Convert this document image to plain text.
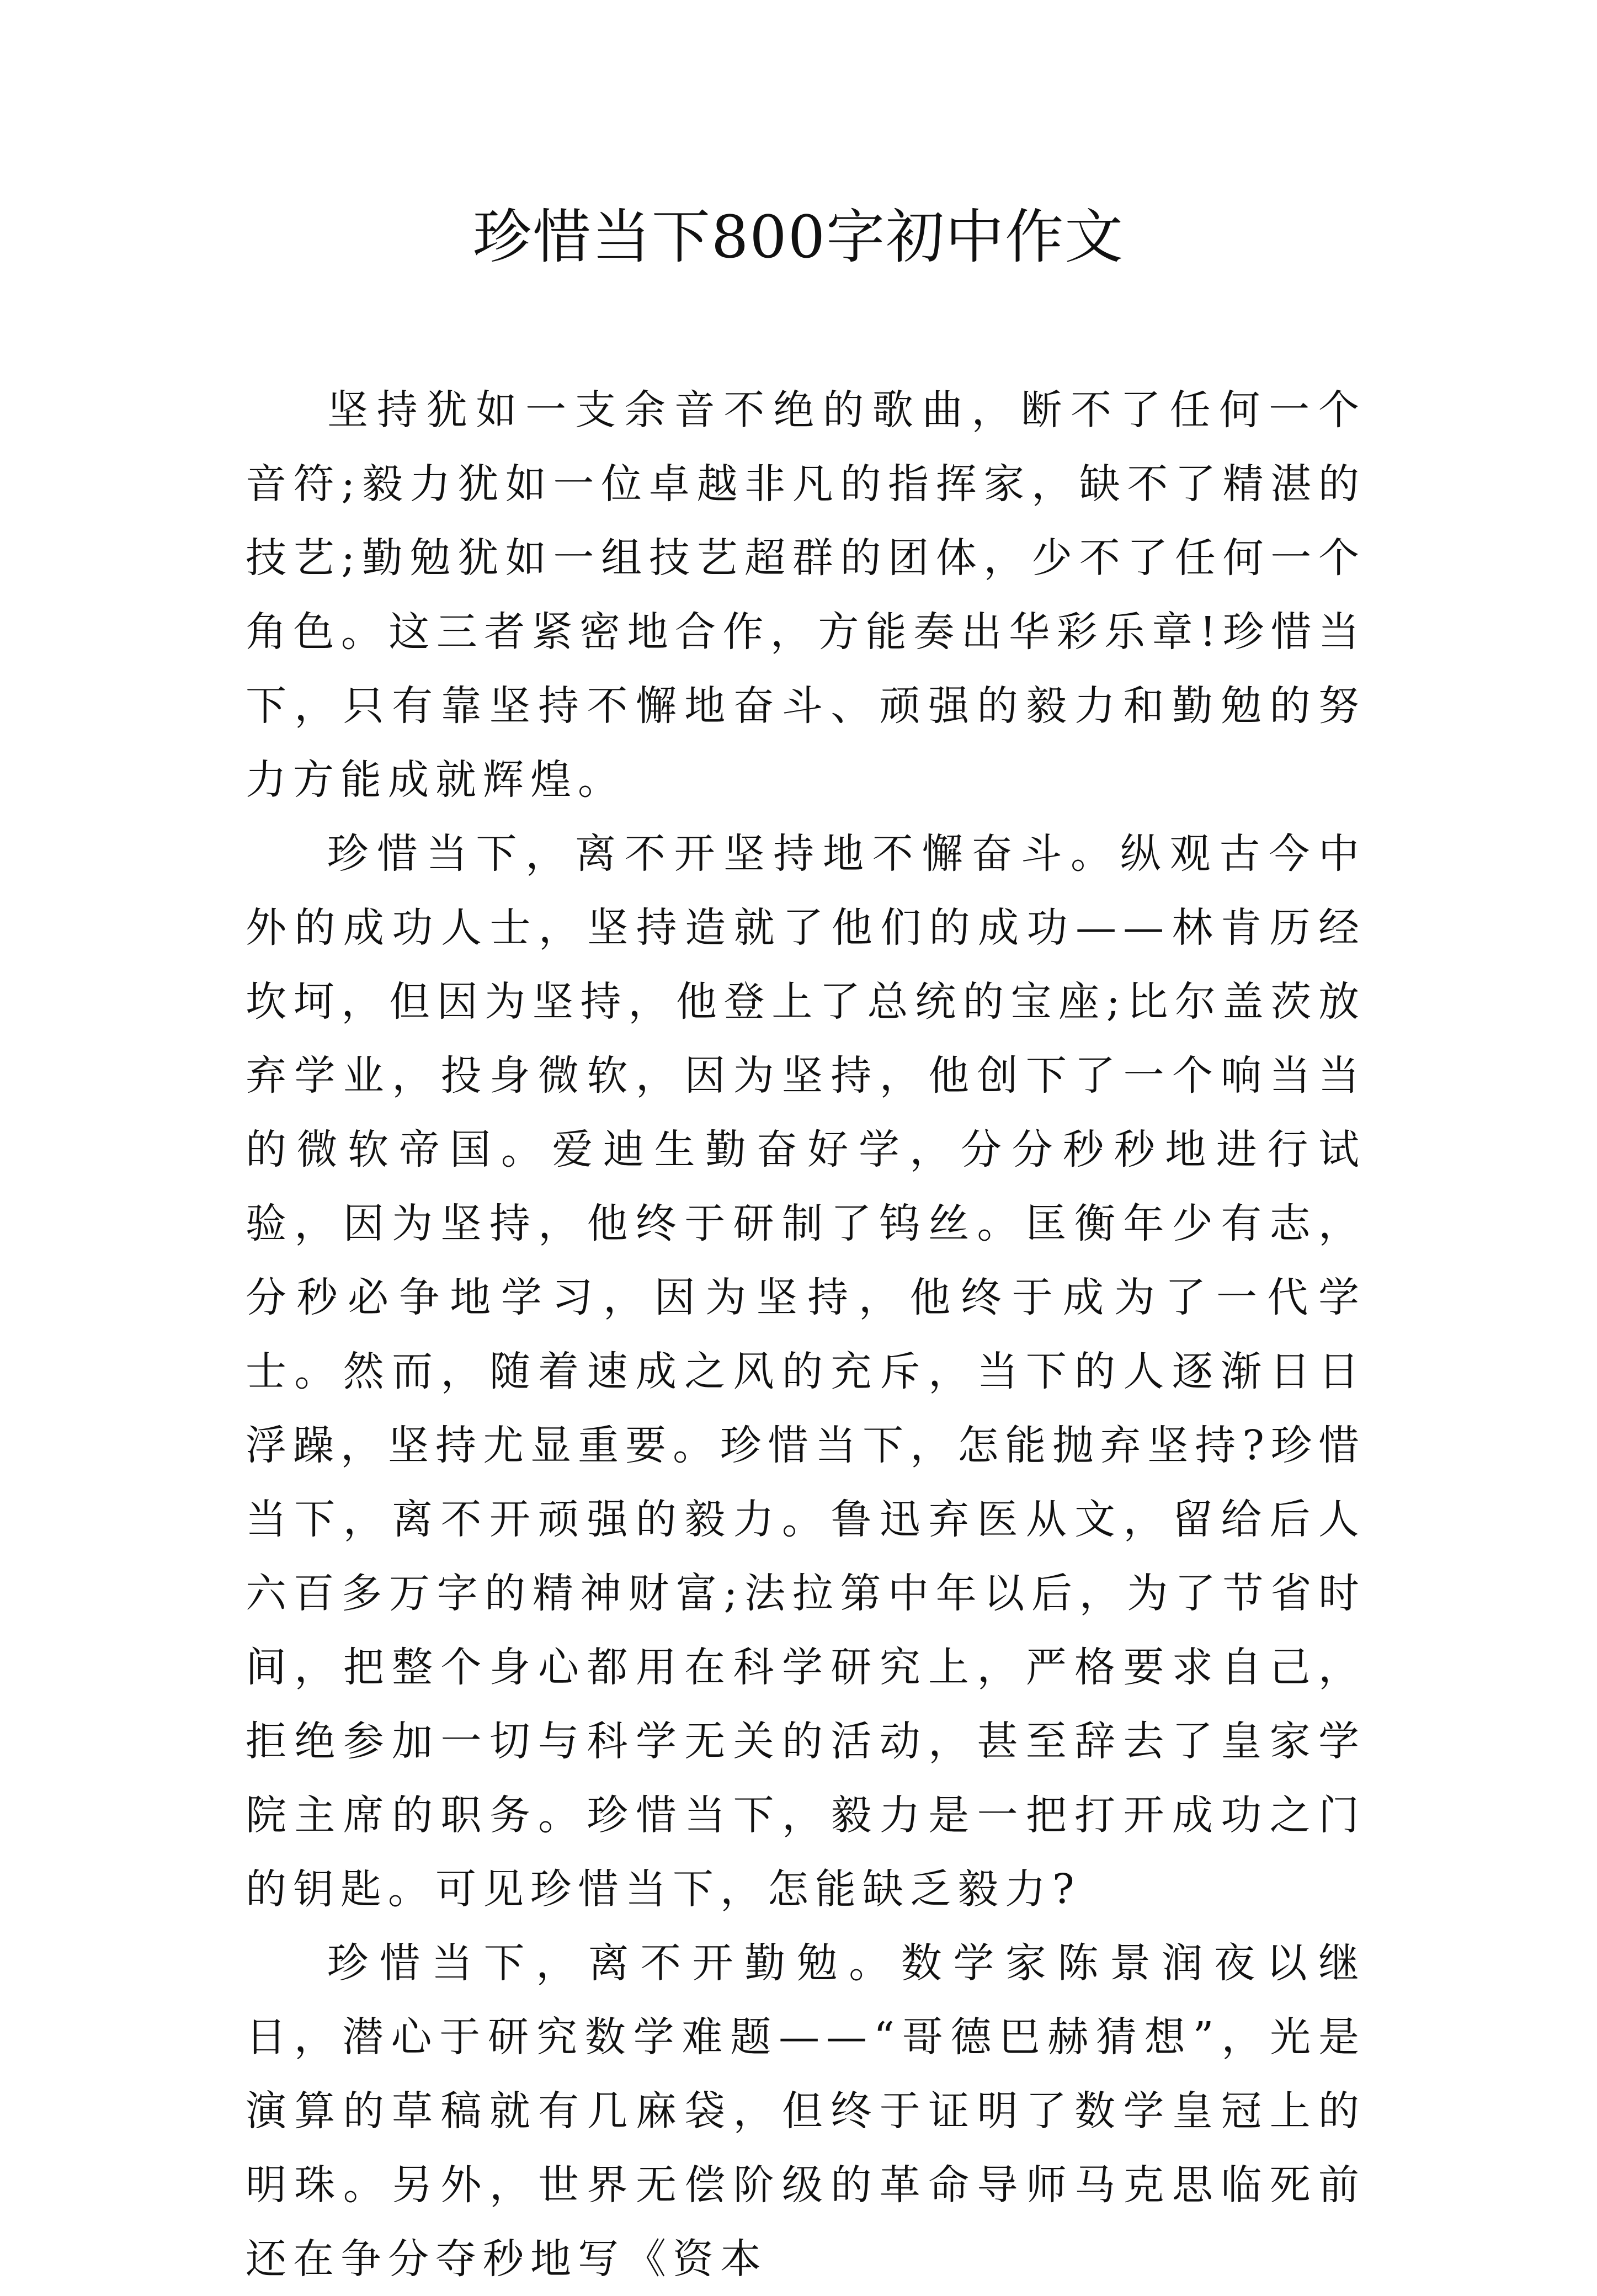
珍惜当下800字初中作文

坚持犹如一支余音不绝的歌曲，断不了任何一个音符;毅力犹如一位卓越非凡的指挥家，缺不了精湛的技艺;勤勉犹如一组技艺超群的团体，少不了任何一个角色。这三者紧密地合作，方能奏出华彩乐章!珍惜当下，只有靠坚持不懈地奋斗、顽强的毅力和勤勉的努力方能成就辉煌。

珍惜当下，离不开坚持地不懈奋斗。纵观古今中外的成功人士，坚持造就了他们的成功——林肯历经坎坷，但因为坚持，他登上了总统的宝座;比尔盖茨放弃学业，投身微软，因为坚持，他创下了一个响当当的微软帝国。爱迪生勤奋好学，分分秒秒地进行试验，因为坚持，他终于研制了钨丝。匡衡年少有志，分秒必争地学习，因为坚持，他终于成为了一代学士。然而，随着速成之风的充斥，当下的人逐渐日日浮躁，坚持尤显重要。珍惜当下，怎能抛弃坚持?珍惜当下，离不开顽强的毅力。鲁迅弃医从文，留给后人六百多万字的精神财富;法拉第中年以后，为了节省时间，把整个身心都用在科学研究上，严格要求自己，拒绝参加一切与科学无关的活动，甚至辞去了皇家学院主席的职务。珍惜当下，毅力是一把打开成功之门的钥匙。可见珍惜当下，怎能缺乏毅力?

珍惜当下，离不开勤勉。数学家陈景润夜以继日，潜心于研究数学难题——“哥德巴赫猜想”，光是演算的草稿就有几麻袋，但终于证明了数学皇冠上的明珠。另外，世界无偿阶级的革命导师马克思临死前还在争分夺秒地写《资本
